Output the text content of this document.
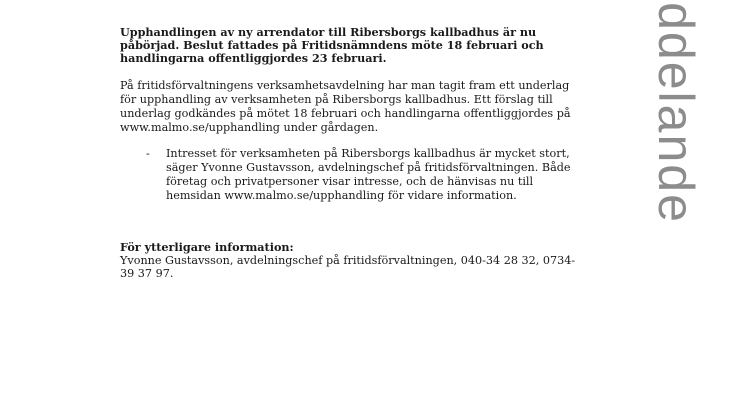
Upphandlingen av ny arrendator till Ribersborgs kallbadhus är nu påbörjad. Beslut fattades på Fritidsnämndens möte 18 februari och handlingarna offentliggjordes 23 februari.

På fritidsförvaltningens verksamhetsavdelning har man tagit fram ett underlag för upphandling av verksamheten på Ribersborgs kallbadhus. Ett förslag till underlag godkändes på mötet 18 februari och handlingarna offentliggjordes på www.malmo.se/upphandling under gårdagen.

- Intresset för verksamheten på Ribersborgs kallbadhus är mycket stort, säger Yvonne Gustavsson, avdelningschef på fritidsförvaltningen. Både företag och privatpersoner visar intresse, och de hänvisas nu till hemsidan www.malmo.se/upphandling för vidare information.
För ytterligare information:
Yvonne Gustavsson, avdelningschef på fritidsförvaltningen, 040-34 28 32, 0734-39 37 97.
ddelande
